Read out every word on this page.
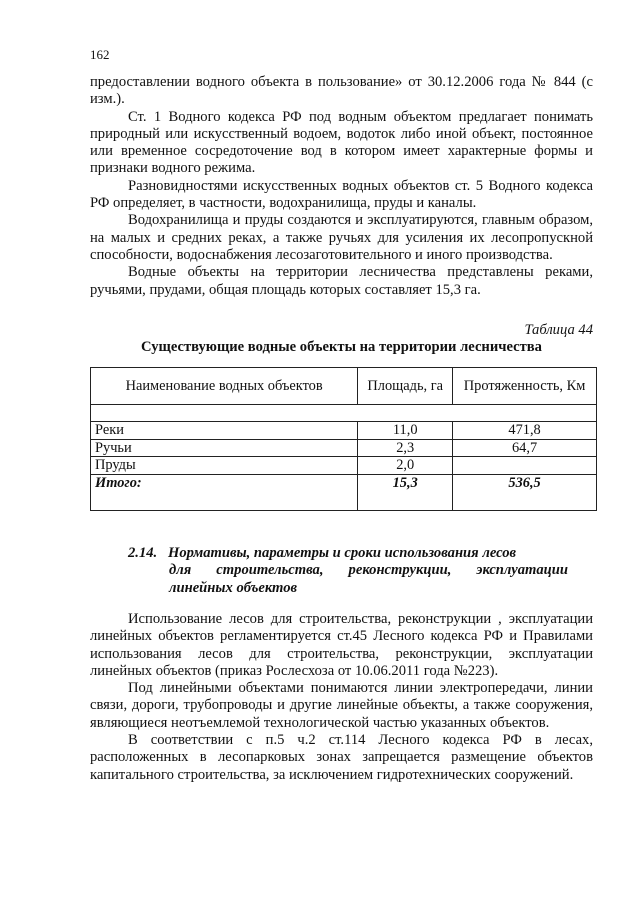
162

предоставлении водного объекта в пользование» от 30.12.2006 года № 844 (с изм.).

Ст. 1 Водного кодекса РФ под водным объектом предлагает понимать природный или искусственный водоем, водоток либо иной объект, постоянное или временное сосредоточение вод в котором имеет характерные формы и признаки водного режима.

Разновидностями искусственных водных объектов ст. 5 Водного кодекса РФ определяет, в частности, водохранилища, пруды и каналы.

Водохранилища и пруды создаются и эксплуатируются, главным образом, на малых и средних реках, а также ручьях для усиления их лесопропускной способности, водоснабжения лесозаготовительного и иного производства.

Водные объекты на территории лесничества представлены реками, ручьями, прудами, общая площадь которых составляет 15,3 га.

Таблица 44
Существующие водные объекты на территории лесничества
Наименование водных объектов	Площадь, га	Протяженность, Км

Реки	11,0	471,8
Ручьи	2,3	64,7
Пруды	2,0	
Итого:	15,3	536,5
2.14. Нормативы, параметры и сроки использования лесов
для строительства, реконструкции, эксплуатации
линейных объектов

Использование лесов для строительства, реконструкции , эксплуатации линейных объектов регламентируется ст.45 Лесного кодекса РФ и Правилами использования лесов для строительства, реконструкции, эксплуатации линейных объектов (приказ Рослесхоза от 10.06.2011 года №223).

Под линейными объектами понимаются линии электропередачи, линии связи, дороги, трубопроводы и другие линейные объекты, а также сооружения, являющиеся неотъемлемой технологической частью указанных объектов.

В соответствии с п.5 ч.2 ст.114 Лесного кодекса РФ в лесах, расположенных в лесопарковых зонах запрещается размещение объектов капитального строительства, за исключением гидротехнических сооружений.
